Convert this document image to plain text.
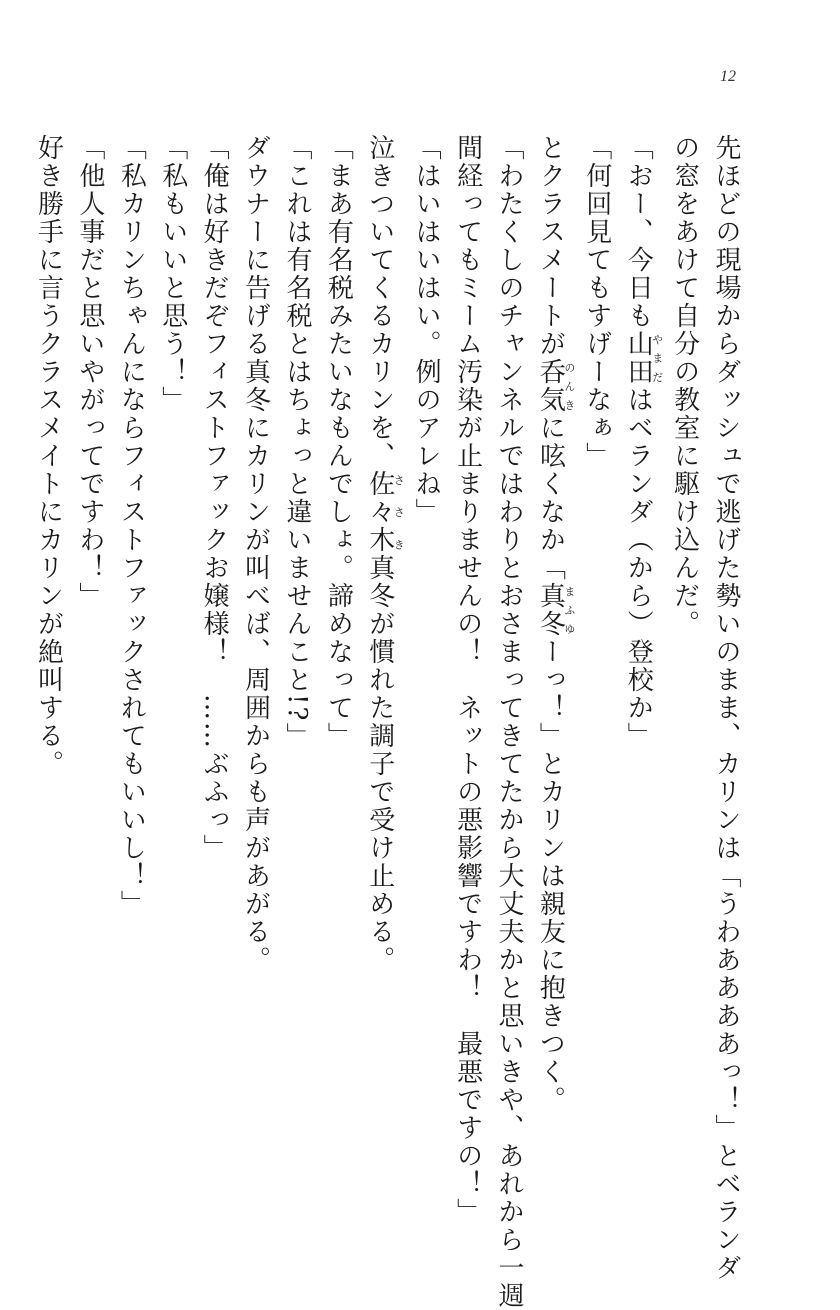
12
先ほどの現場からダッシュで逃げた勢いのまま、カリンは「うわああああっ！」とベランダ
の窓をあけて自分の教室に駆け込んだ。
「おー、今日も山田やまだはベランダ（から）登校か」
「何回見てもすげーなぁ」
とクラスメートが呑気のんきに呟くなか「真冬まふゆーっ！」とカリンは親友に抱きつく。
「わたくしのチャンネルではわりとおさまってきてたから大丈夫かと思いきや、あれから一週
間経ってもミーム汚染が止まりませんの！　ネットの悪影響ですわ！　最悪ですの！」
「はいはいはい。例のアレね」
泣きついてくるカリンを、佐々木さ さ き真冬が慣れた調子で受け止める。
「まあ有名税みたいなもんでしょ。諦めなって」
「これは有名税とはちょっと違いませんこと!?」
ダウナーに告げる真冬にカリンが叫べば、周囲からも声があがる。
「俺は好きだぞフィストファックお嬢様！　……ぶふっ」
「私もいいと思う！」
「私カリンちゃんにならフィストファックされてもいいし！」
「他人事だと思いやがってですわ！」
好き勝手に言うクラスメイトにカリンが絶叫する。
